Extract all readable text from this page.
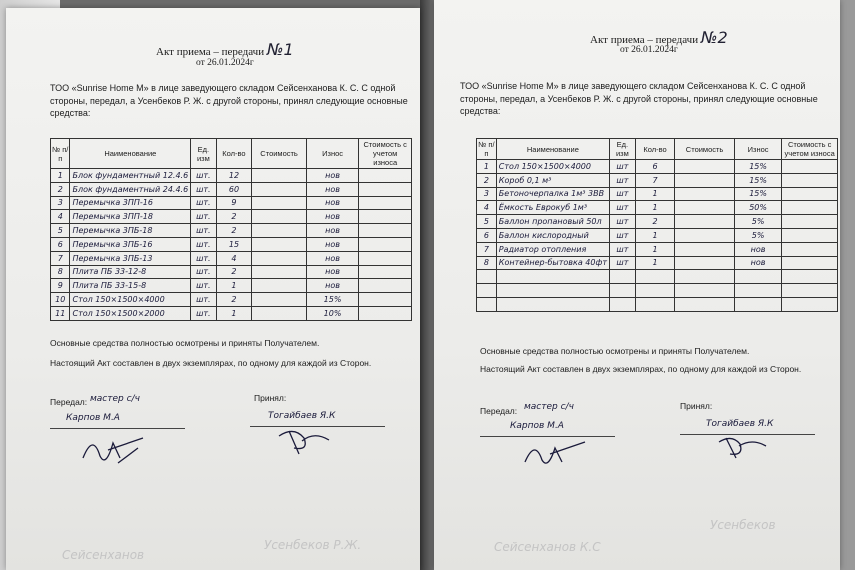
Акт приема – передачи №1
от 26.01.2024г
ТОО «Sunrise Home M» в лице заведующего складом Сейсенханова К. С. С одной стороны, передал, а Усенбеков Р. Ж. с другой стороны, принял следующие основные средства:
№ п/п	Наименование	Ед. изм	Кол-во	Стоимость	Износ	Стоимость с учетом износа
1	Блок фундаментный 12.4.6	шт.	12		нов	
2	Блок фундаментный 24.4.6	шт.	60		нов	
3	Перемычка 3ПП-16	шт.	9		нов	
4	Перемычка 3ПП-18	шт.	2		нов	
5	Перемычка 3ПБ-18	шт.	2		нов	
6	Перемычка 3ПБ-16	шт.	15		нов	
7	Перемычка 3ПБ-13	шт.	4		нов	
8	Плита ПБ 33-12-8	шт.	2		нов	
9	Плита ПБ 33-15-8	шт.	1		нов	
10	Стол 150×1500×4000	шт.	2		15%	
11	Стол 150×1500×2000	шт.	1		10%	
Основные средства полностью осмотрены и приняты Получателем.
Настоящий Акт составлен в двух экземплярах, по одному для каждой из Сторон.
Передал: мастер с/ч
Карпов М.А
Принял:
Тогайбаев Я.К
Сейсенханов
Усенбеков Р.Ж.
Акт приема – передачи №2
от 26.01.2024г
ТОО «Sunrise Home M» в лице заведующего складом Сейсенханова К. С. С одной стороны, передал, а Усенбеков Р. Ж. с другой стороны, принял следующие основные средства:
№ п/п	Наименование	Ед. изм	Кол-во	Стоимость	Износ	Стоимость с учетом износа
1	Стол 150×1500×4000	шт	6		15%	
2	Короб 0,1 м³	шт	7		15%	
3	Бетоночерпалка 1м³ 3ВВ	шт	1		15%	
4	Ёмкость Еврокуб 1м³	шт	1		50%	
5	Баллон пропановый 50л	шт	2		5%	
6	Баллон кислородный	шт	1		5%	
7	Радиатор отопления	шт	1		нов	
8	Контейнер-бытовка 40фт	шт	1		нов	

Основные средства полностью осмотрены и приняты Получателем.
Настоящий Акт составлен в двух экземплярах, по одному для каждой из Сторон.
Передал: мастер с/ч
Карпов М.А
Принял:
Тогайбаев Я.К
Сейсенханов К.С
Усенбеков
